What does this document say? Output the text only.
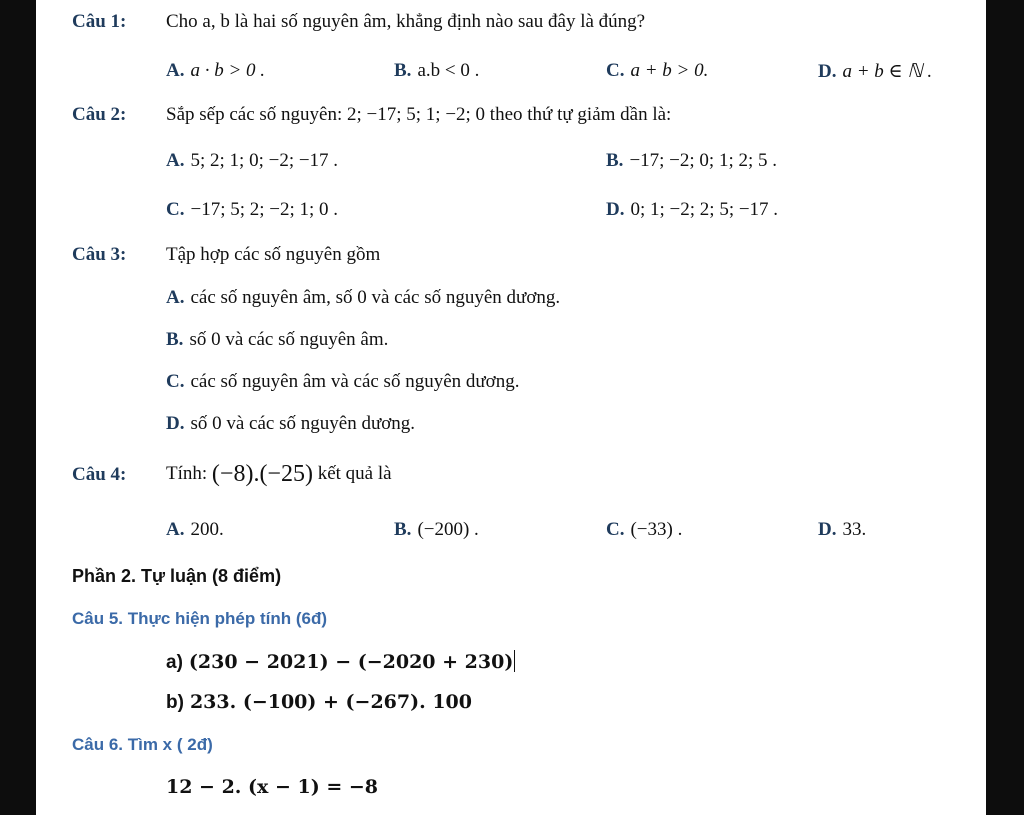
Câu 1: Cho a, b là hai số nguyên âm, khẳng định nào sau đây là đúng?
A. a · b > 0 .	B. a.b < 0 .	C. a + b > 0.	D. a + b ∈ ℕ .
Câu 2: Sắp sếp các số nguyên: 2; −17; 5; 1; −2; 0 theo thứ tự giảm dần là:
A. 5; 2; 1; 0; −2; −17 .	B. −17; −2; 0; 1; 2; 5 .
C. −17; 5; 2; −2; 1; 0 .	D. 0; 1; −2; 2; 5; −17 .
Câu 3: Tập hợp các số nguyên gồm
A. các số nguyên âm, số 0 và các số nguyên dương.
B. số 0 và các số nguyên âm.
C. các số nguyên âm và các số nguyên dương.
D. số 0 và các số nguyên dương.
Câu 4: Tính: (−8).(−25) kết quả là
A. 200.	B. (−200) .	C. (−33) .	D. 33.
Phần 2. Tự luận (8 điểm)
Câu 5. Thực hiện phép tính (6đ)
a) (230 − 2021) − (−2020 + 230)
b) 233. (−100) + (−267). 100
Câu 6. Tìm x ( 2đ)
12 − 2. (x − 1) = −8
